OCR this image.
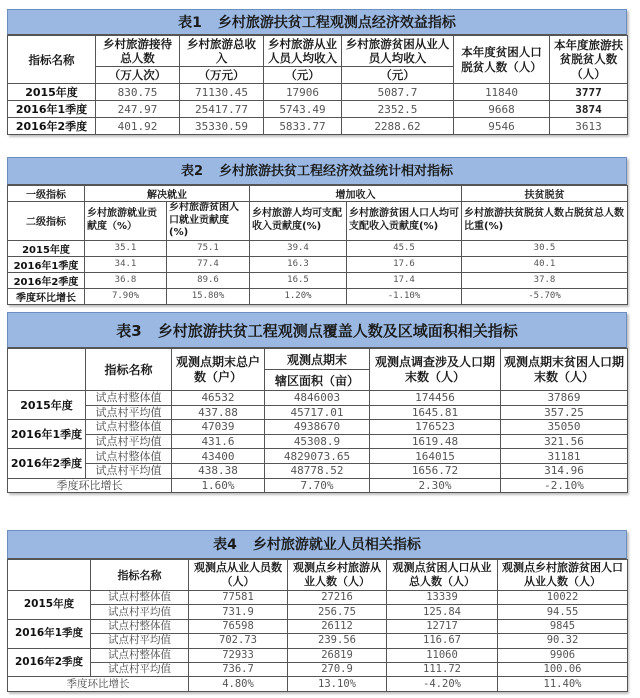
表1 乡村旅游扶贫工程观测点经济效益指标
指标名称	乡村旅游接待总人数	乡村旅游总收入	乡村旅游从业人员人均收入	乡村旅游贫困从业人员人均收入	本年度贫困人口脱贫人数（人）	本年度旅游扶贫脱贫人数（人）
	（万人次）	（万元）	（元）	（元）		
2015年度	830.75	71130.45	17906	5087.7	11840	3777
2016年1季度	247.97	25417.77	5743.49	2352.5	9668	3874
2016年2季度	401.92	35330.59	5833.77	2288.62	9546	3613
表2 乡村旅游扶贫工程经济效益统计相对指标
一级指标	解决就业		增加收入		扶贫脱贫
二级指标	乡村旅游就业贡献度（%）	乡村旅游贫困人口就业贡献度(%)	乡村旅游人均可支配收入贡献度(%)	乡村旅游贫困人口人均可支配收入贡献度(%)	乡村旅游扶贫脱贫人数占脱贫总人数比重(%)
2015年度	35.1	75.1	39.4	45.5	30.5
2016年1季度	34.1	77.4	16.3	17.6	40.1
2016年2季度	36.8	89.6	16.5	17.4	37.8
季度环比增长	7.90%	15.80%	1.20%	-1.10%	-5.70%
表3 乡村旅游扶贫工程观测点覆盖人数及区域面积相关指标
	指标名称	观测点期末总户数（户）	观测点期末	观测点调查涉及人口期末数（人）	观测点期末贫困人口期末数（人）
			辖区面积（亩）		
2015年度	试点村整体值	46532	4846003	174456	37869
	试点村平均值	437.88	45717.01	1645.81	357.25
2016年1季度	试点村整体值	47039	4938670	176523	35050
	试点村平均值	431.6	45308.9	1619.48	321.56
2016年2季度	试点村整体值	43400	4829073.65	164015	31181
	试点村平均值	438.38	48778.52	1656.72	314.96
季度环比增长		1.60%	7.70%	2.30%	-2.10%
表4 乡村旅游就业人员相关指标
	指标名称	观测点从业人员数（人）	观测点乡村旅游从业人数（人）	观测点贫困人口从业总人数（人）	观测点乡村旅游贫困人口从业人数（人）
2015年度	试点村整体值	77581	27216	13339	10022
	试点村平均值	731.9	256.75	125.84	94.55
2016年1季度	试点村整体值	76598	26112	12717	9845
	试点村平均值	702.73	239.56	116.67	90.32
2016年2季度	试点村整体值	72933	26819	11060	9906
	试点村平均值	736.7	270.9	111.72	100.06
季度环比增长		4.80%	13.10%	-4.20%	11.40%
